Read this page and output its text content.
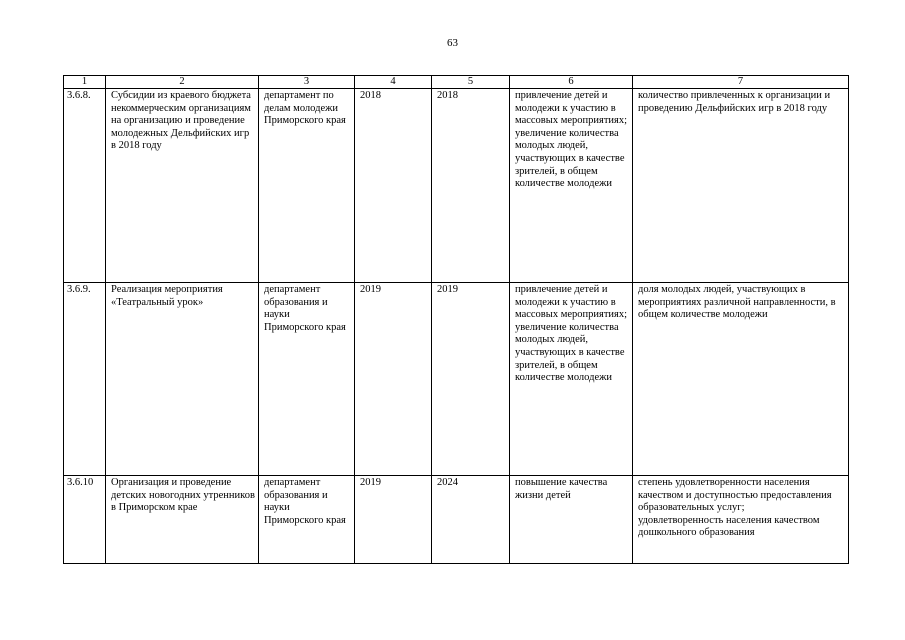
63
1	2	3	4	5	6	7
3.6.8.	Субсидии из краевого бюджета некоммерческим организациям на организацию и проведение молодежных Дельфийских игр в 2018 году	департамент по делам молодежи Приморского края	2018	2018	привлечение детей и молодежи к участию в массовых мероприятиях; увеличение количества молодых людей, участвующих в качестве зрителей, в общем количестве молодежи	количество привлеченных к организации и проведению Дельфийских игр в 2018 году
3.6.9.	Реализация мероприятия «Театральный урок»	департамент образования и науки Приморского края	2019	2019	привлечение детей и молодежи к участию в массовых мероприятиях; увеличение количества молодых людей, участвующих в качестве зрителей, в общем количестве молодежи	доля молодых людей, участвующих в мероприятиях различной направленности, в общем количестве молодежи
3.6.10	Организация и проведение детских новогодних утренников в Приморском крае	департамент образования и науки Приморского края	2019	2024	повышение качества жизни детей	степень удовлетворенности населения качеством и доступностью предоставления образовательных услуг;
удовлетворенность населения качеством дошкольного образования
